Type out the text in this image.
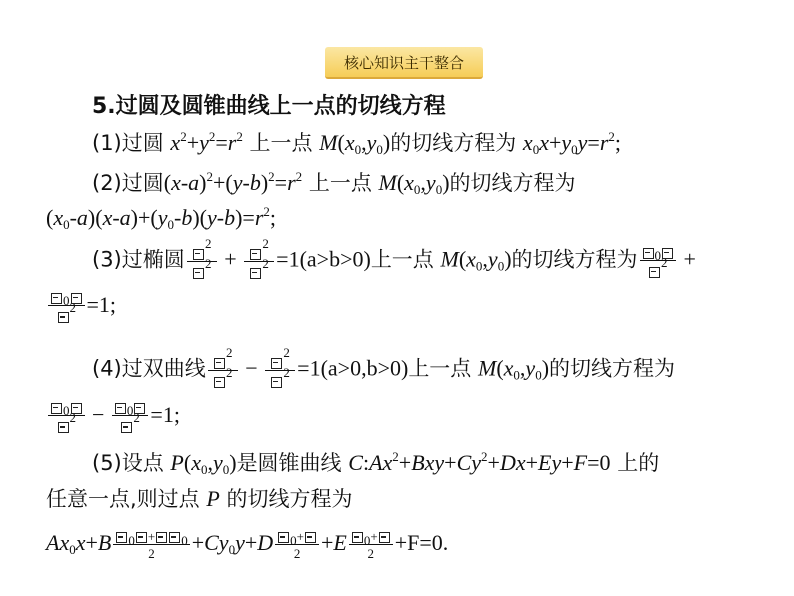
核心知识主干整合
5.过圆及圆锥曲线上一点的切线方程
(1)过圆 $x^2+y^2=r^2$ 上一点 $M(x_0,y_0)$的切线方程为 $x_0x+y_0y=r^2$;
(2)过圆$(x-a)^2+(y-b)^2=r^2$ 上一点 $M(x_0,y_0)$的切线方程为
$(x_0-a)(x-a)+(y_0-b)(y-b)=r^2$;
(3)过椭圆 $\frac{^2}{^2} + \frac{^2}{^2} =1(a>b>0)$上一点 $M(x_0,y_0)$的切线方程为 $\frac{_0}{^2}$ +
$\frac{_0}{^2} =1$;
(4)过双曲线 $\frac{^2}{^2} - \frac{^2}{^2} =1(a>0,b>0)$上一点 $M(x_0,y_0)$的切线方程为
$\frac{_0}{^2} - \frac{_0}{^2} =1$;
(5)设点 $P(x_0,y_0)$是圆锥曲线 $C:Ax^2+Bxy+Cy^2+Dx+Ey+F=0$ 上的
任意一点,则过点 P 的切线方程为
$Ax_0x+B \frac{_0 + _0}{2} +Cy_0y+D \frac{_0+}{2} +E \frac{_0+}{2} +F=0$.
